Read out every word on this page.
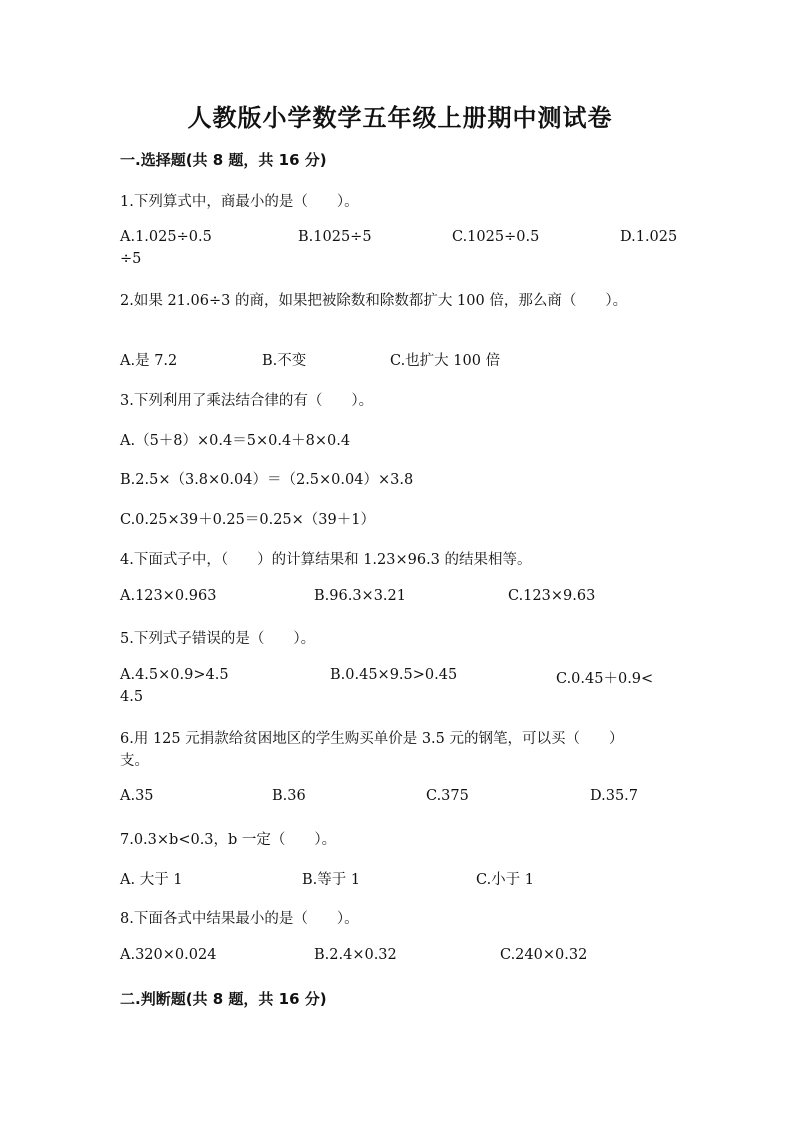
人教版小学数学五年级上册期中测试卷
一.选择题(共 8 题，共 16 分)
1.下列算式中，商最小的是（　　）。
A.1.025÷0.5	B.1025÷5	C.1025÷0.5	D.1.025
÷5
2.如果 21.06÷3 的商，如果把被除数和除数都扩大 100 倍，那么商（　　）。
A.是 7.2	B.不变	C.也扩大 100 倍
3.下列利用了乘法结合律的有（　　）。
A.（5＋8）×0.4＝5×0.4＋8×0.4
B.2.5×（3.8×0.04）＝（2.5×0.04）×3.8
C.0.25×39＋0.25＝0.25×（39＋1）
4.下面式子中，（　　）的计算结果和 1.23×96.3 的结果相等。
A.123×0.963	B.96.3×3.21	C.123×9.63
5.下列式子错误的是（　　）。
A.4.5×0.9>4.5	B.0.45×9.5>0.45	C.0.45＋0.9<
4.5
6.用 125 元捐款给贫困地区的学生购买单价是 3.5 元的钢笔，可以买（　　）
支。
A.35	B.36	C.375	D.35.7
7.0.3×b<0.3，b 一定（　　）。
A. 大于 1	B.等于 1	C.小于 1
8.下面各式中结果最小的是（　　）。
A.320×0.024	B.2.4×0.32	C.240×0.32
二.判断题(共 8 题，共 16 分)
